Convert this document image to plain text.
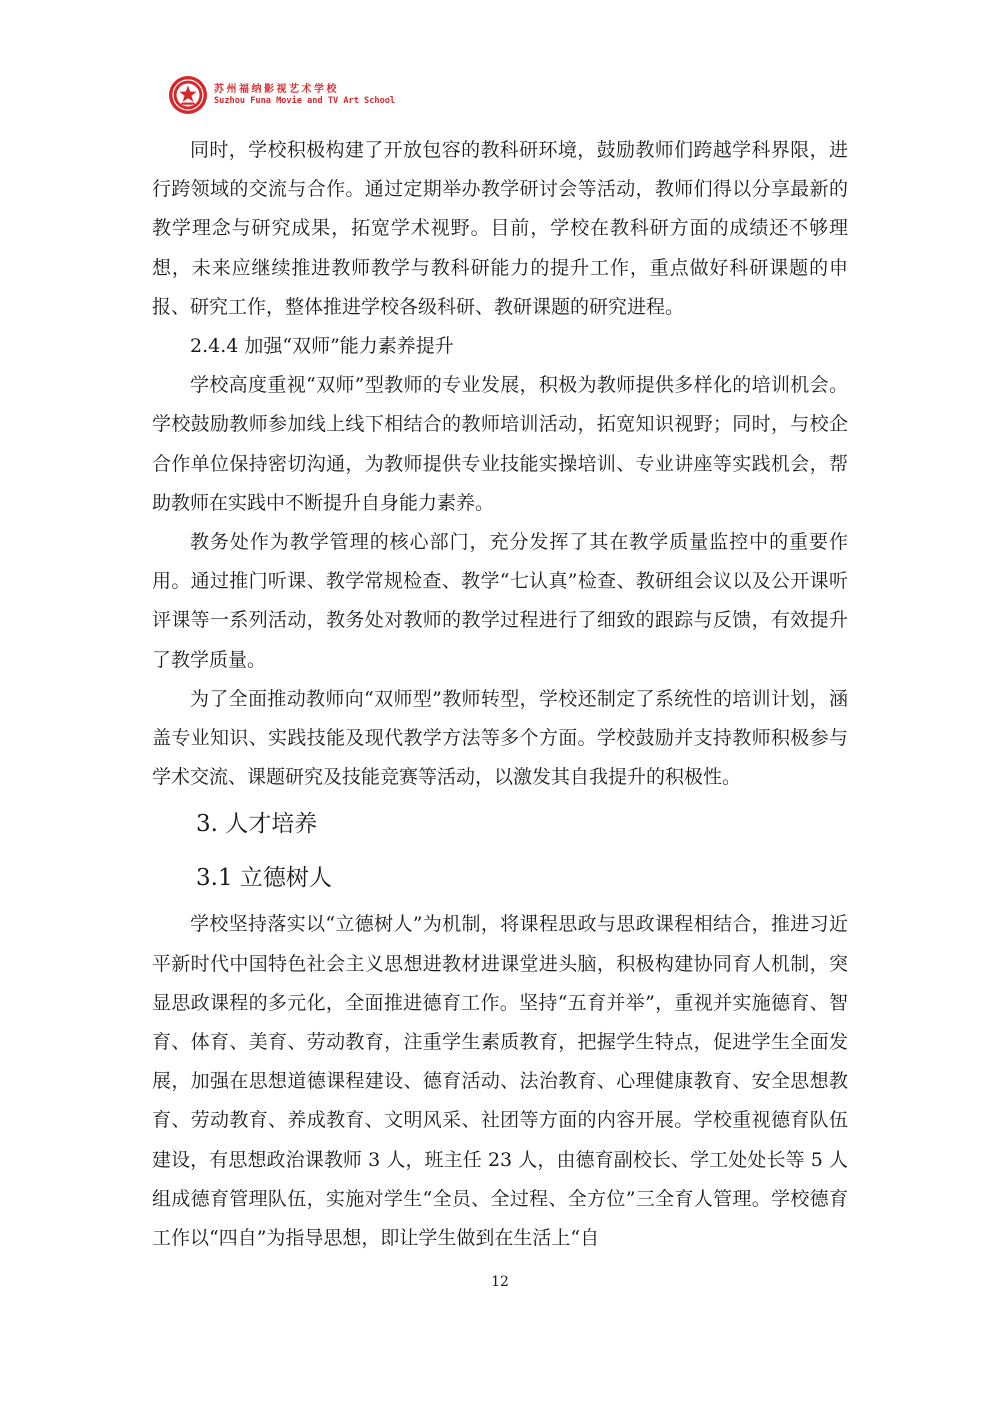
苏州福纳影视艺术学校
Suzhou Funa Movie and TV Art School

同时，学校积极构建了开放包容的教科研环境，鼓励教师们跨越学科界限，进行跨领域的交流与合作。通过定期举办教学研讨会等活动，教师们得以分享最新的教学理念与研究成果，拓宽学术视野。目前，学校在教科研方面的成绩还不够理想，未来应继续推进教师教学与教科研能力的提升工作，重点做好科研课题的申报、研究工作，整体推进学校各级科研、教研课题的研究进程。

2.4.4 加强“双师”能力素养提升

学校高度重视“双师”型教师的专业发展，积极为教师提供多样化的培训机会。学校鼓励教师参加线上线下相结合的教师培训活动，拓宽知识视野；同时，与校企合作单位保持密切沟通，为教师提供专业技能实操培训、专业讲座等实践机会，帮助教师在实践中不断提升自身能力素养。

教务处作为教学管理的核心部门，充分发挥了其在教学质量监控中的重要作用。通过推门听课、教学常规检查、教学“七认真”检查、教研组会议以及公开课听评课等一系列活动，教务处对教师的教学过程进行了细致的跟踪与反馈，有效提升了教学质量。

为了全面推动教师向“双师型”教师转型，学校还制定了系统性的培训计划，涵盖专业知识、实践技能及现代教学方法等多个方面。学校鼓励并支持教师积极参与学术交流、课题研究及技能竞赛等活动，以激发其自我提升的积极性。

3. 人才培养
3.1 立德树人

学校坚持落实以“立德树人”为机制，将课程思政与思政课程相结合，推进习近平新时代中国特色社会主义思想进教材进课堂进头脑，积极构建协同育人机制，突显思政课程的多元化，全面推进德育工作。坚持“五育并举”，重视并实施德育、智育、体育、美育、劳动教育，注重学生素质教育，把握学生特点，促进学生全面发展，加强在思想道德课程建设、德育活动、法治教育、心理健康教育、安全思想教育、劳动教育、养成教育、文明风采、社团等方面的内容开展。学校重视德育队伍建设，有思想政治课教师 3 人，班主任 23 人，由德育副校长、学工处处长等 5 人组成德育管理队伍，实施对学生“全员、全过程、全方位”三全育人管理。学校德育工作以“四自”为指导思想，即让学生做到在生活上“自

12
